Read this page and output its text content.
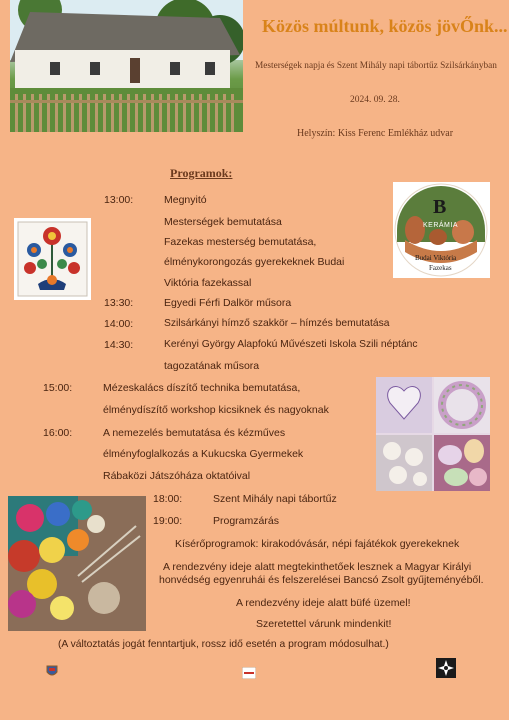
Közös múltunk, közös jövŐnk...
Mesterségek napja és Szent Mihály napi tábortűz Szilsárkányban
2024. 09. 28.
Helyszín: Kiss Ferenc Emlékház udvar
Programok:
B
KERÁMIA
Budai Viktória
Fazekas
13:00:	Megnyitó
Mesterségek bemutatása
Fazekas mesterség bemutatása,
élménykorongozás gyerekeknek Budai
Viktória fazekassal
13:30:	Egyedi Férfi Dalkör műsora
14:00:	Szilsárkányi hímző szakkör – hímzés bemutatása
14:30:	Kerényi György Alapfokú Művészeti Iskola Szili néptánc
tagozatának műsora
15:00:	Mézeskalács díszítő technika bemutatása,
élménydíszítő workshop kicsiknek és nagyoknak
16:00:	A nemezelés bemutatása és kézműves
élményfoglalkozás a Kukucska Gyermekek
Rábaközi Játszóháza oktatóival
18:00:	Szent Mihály napi tábortűz
19:00:	Programzárás
Kísérőprogramok: kirakodóvásár, népi fajátékok gyerekeknek
A rendezvény ideje alatt megtekinthetőek lesznek a Magyar Királyi
honvédség egyenruhái és felszerelései Bancsó Zsolt gyűjteményéből.
A rendezvény ideje alatt büfé üzemel!
Szeretettel várunk mindenkit!
(A változtatás jogát fenntartjuk, rossz idő esetén a program módosulhat.)
